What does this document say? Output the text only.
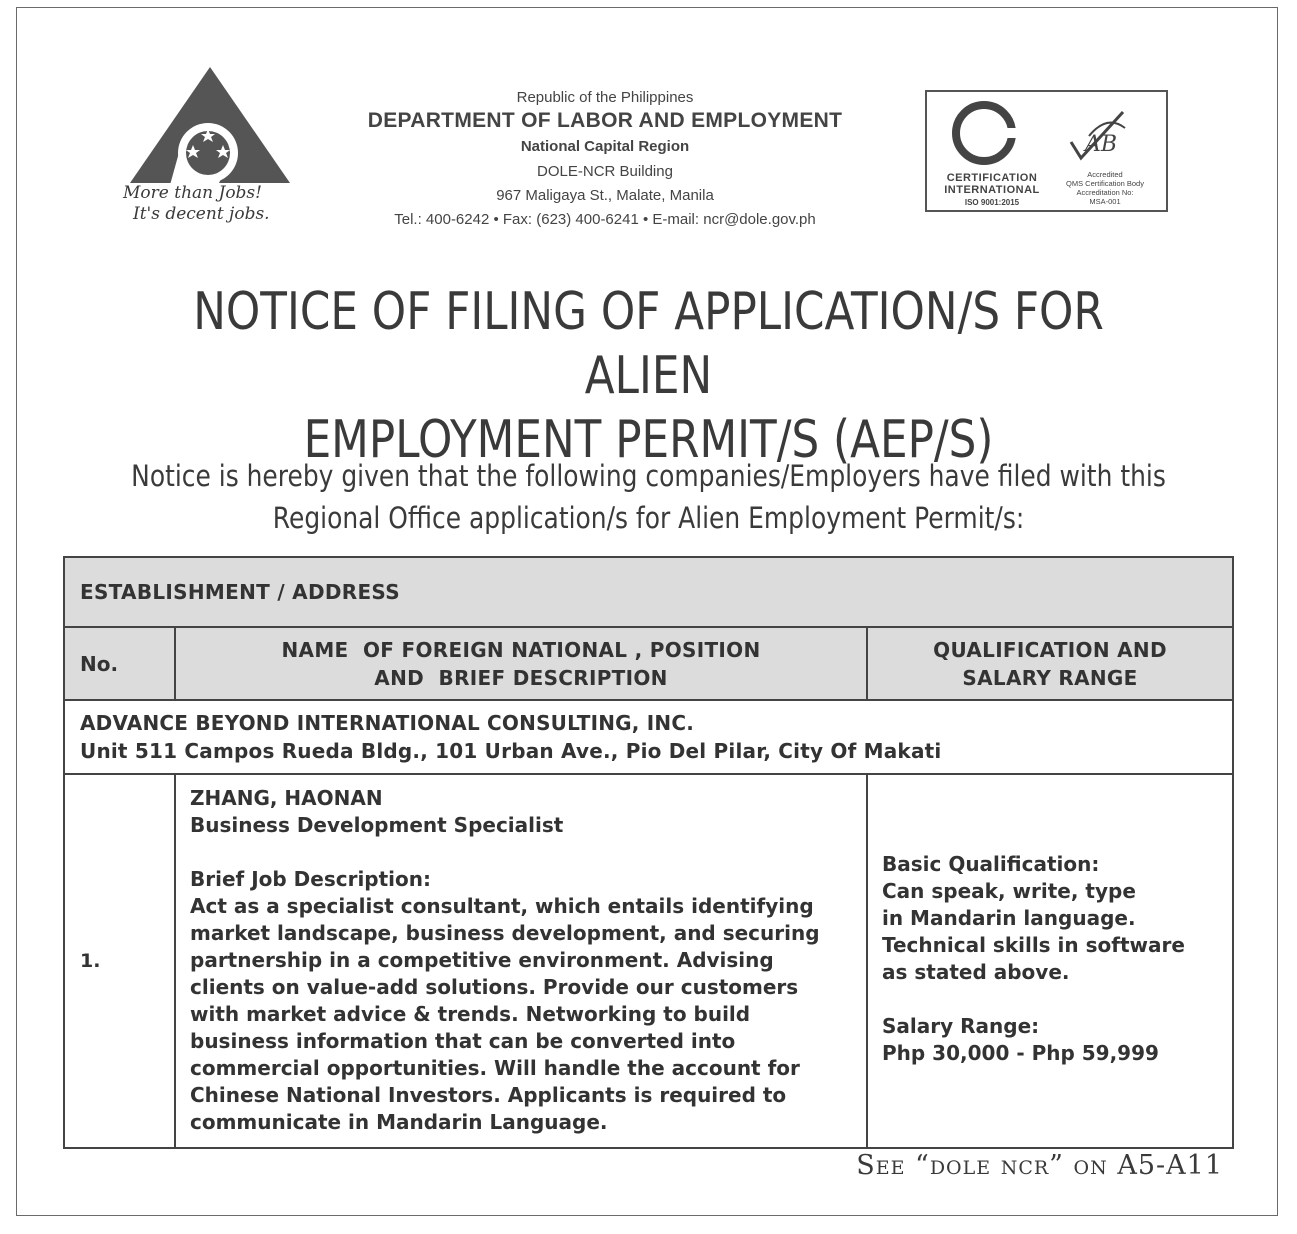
More than Jobs!
It's decent jobs.
Republic of the Philippines
DEPARTMENT OF LABOR AND EMPLOYMENT
National Capital Region
DOLE-NCR Building
967 Maligaya St., Malate, Manila
Tel.: 400-6242 • Fax: (623) 400-6241 • E-mail: ncr@dole.gov.ph
CERTIFICATION
INTERNATIONAL
ISO 9001:2015
AB
Accredited
QMS Certification Body
Accreditation No:
MSA-001
NOTICE OF FILING OF APPLICATION/S FOR ALIEN
EMPLOYMENT PERMIT/S (AEP/S)
Notice is hereby given that the following companies/Employers have filed with this
Regional Office application/s for Alien Employment Permit/s:
ESTABLISHMENT / ADDRESS
No.
NAME  OF FOREIGN NATIONAL , POSITION
AND  BRIEF DESCRIPTION
QUALIFICATION AND
SALARY RANGE
ADVANCE BEYOND INTERNATIONAL CONSULTING, INC.
Unit 511 Campos Rueda Bldg., 101 Urban Ave., Pio Del Pilar, City Of Makati
1.
ZHANG, HAONAN
Business Development Specialist
Brief Job Description:
Act as a specialist consultant, which entails identifying
market landscape, business development, and securing
partnership in a competitive environment. Advising
clients on value-add solutions. Provide our customers
with market advice & trends. Networking to build
business information that can be converted into
commercial opportunities. Will handle the account for
Chinese National Investors. Applicants is required to
communicate in Mandarin Language.
Basic Qualification:
Can speak, write, type
in Mandarin language.
Technical skills in software
as stated above.
Salary Range:
Php 30,000 - Php 59,999
See “dole ncr” on A5-A11
